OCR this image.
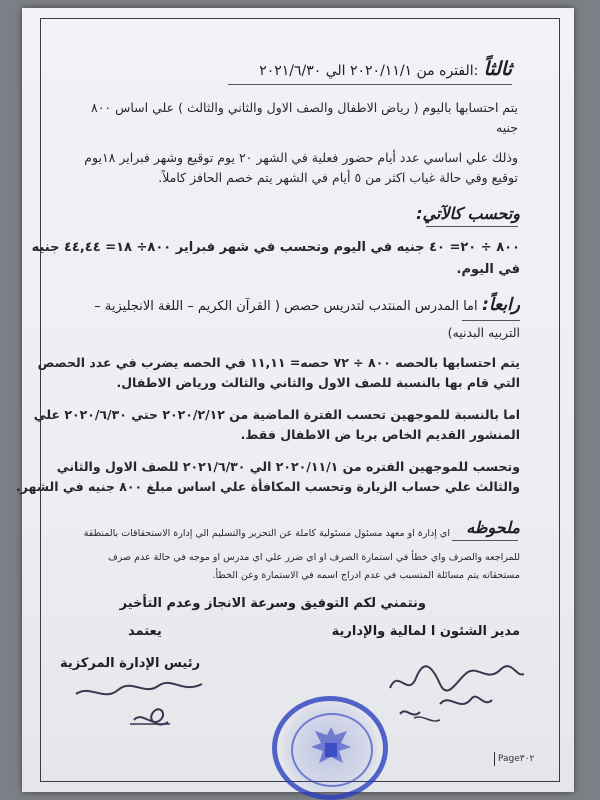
ثالثاً :الفتره من ٢٠٢٠/١١/١ الي ٢٠٢١/٦/٣٠
يتم احتسابها باليوم ( رياض الاطفال والصف الاول والثاني والثالث ) علي اساس ٨٠٠
جنيه
وذلك علي اساسي عدد أيام حضور فعلية في الشهر ٢٠ يوم توقيع وشهر فبراير ١٨يوم
توقيع وفي حالة غياب اكثر من ٥ أيام في الشهر يتم خصم الحافز كاملاً.
وتحسب كالآتي:
٨٠٠ ÷ ٢٠= ٤٠ جنيه في اليوم وتحسب في شهر فبراير ٨٠٠÷ ١٨= ٤٤,٤٤ جنيه
في اليوم.
رابعاً: اما المدرس المنتدب لتدريس حصص ( القرآن الكريم – اللغة الانجليزية –
التربيه البدنيه)
يتم احتسابها بالحصه ٨٠٠ ÷ ٧٢ حصه= ١١,١١ في الحصه يضرب في عدد الحصص
التي قام بها بالنسبة للصف الاول والثاني والثالث ورياض الاطفال.
اما بالنسبة للموجهين تحسب الفترة الماضية من ٢٠٢٠/٢/١٢ حتي ٢٠٢٠/٦/٣٠ علي
المنشور القديم الخاص بريا ض الاطفال فقط.
وتحسب للموجهين الفتره من ٢٠٢٠/١١/١ الي ٢٠٢١/٦/٣٠ للصف الاول والثاني
والثالث علي حساب الزيارة وتحسب المكافأة علي اساس مبلغ ٨٠٠ جنيه في الشهر.
ملحوظه
اي إدارة او معهد مسئول مسئولية كاملة عن التحرير والتسليم الي إدارة الاستحقاقات بالمنطقة
للمراجعه والصرف واي خطأ في استمارة الصرف او اي ضرر علي اي مدرس او موجه في حالة عدم صرف
مستحقاته يتم مسائلة المتسبب في عدم ادراج اسمه في الاستمارة وعن الخطأ.
ونتمني لكم التوفيق وسرعة الانجاز وعدم التأخير
مدير الشئون ا لمالية والإدارية
يعتمد
رئيس الإدارة المركزية
Page٣٠٢
